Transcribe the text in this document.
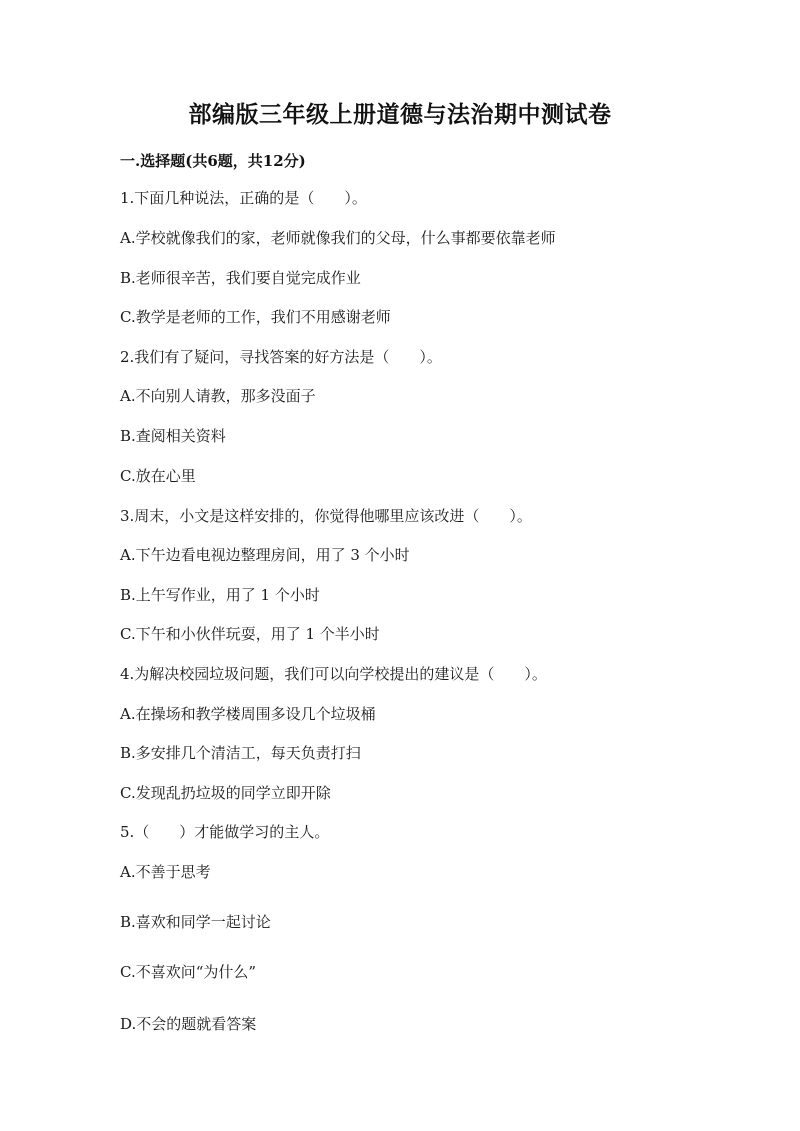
部编版三年级上册道德与法治期中测试卷
一.选择题(共6题，共12分)
1.下面几种说法，正确的是（　　）。
A.学校就像我们的家，老师就像我们的父母，什么事都要依靠老师
B.老师很辛苦，我们要自觉完成作业
C.教学是老师的工作，我们不用感谢老师
2.我们有了疑问，寻找答案的好方法是（　　）。
A.不向别人请教，那多没面子
B.查阅相关资料
C.放在心里
3.周末，小文是这样安排的，你觉得他哪里应该改进（　　）。
A.下午边看电视边整理房间，用了 3 个小时
B.上午写作业，用了 1 个小时
C.下午和小伙伴玩耍，用了 1 个半小时
4.为解决校园垃圾问题，我们可以向学校提出的建议是（　　）。
A.在操场和教学楼周围多设几个垃圾桶
B.多安排几个清洁工，每天负责打扫
C.发现乱扔垃圾的同学立即开除
5.（　　）才能做学习的主人。
A.不善于思考
B.喜欢和同学一起讨论
C.不喜欢问“为什么”
D.不会的题就看答案
